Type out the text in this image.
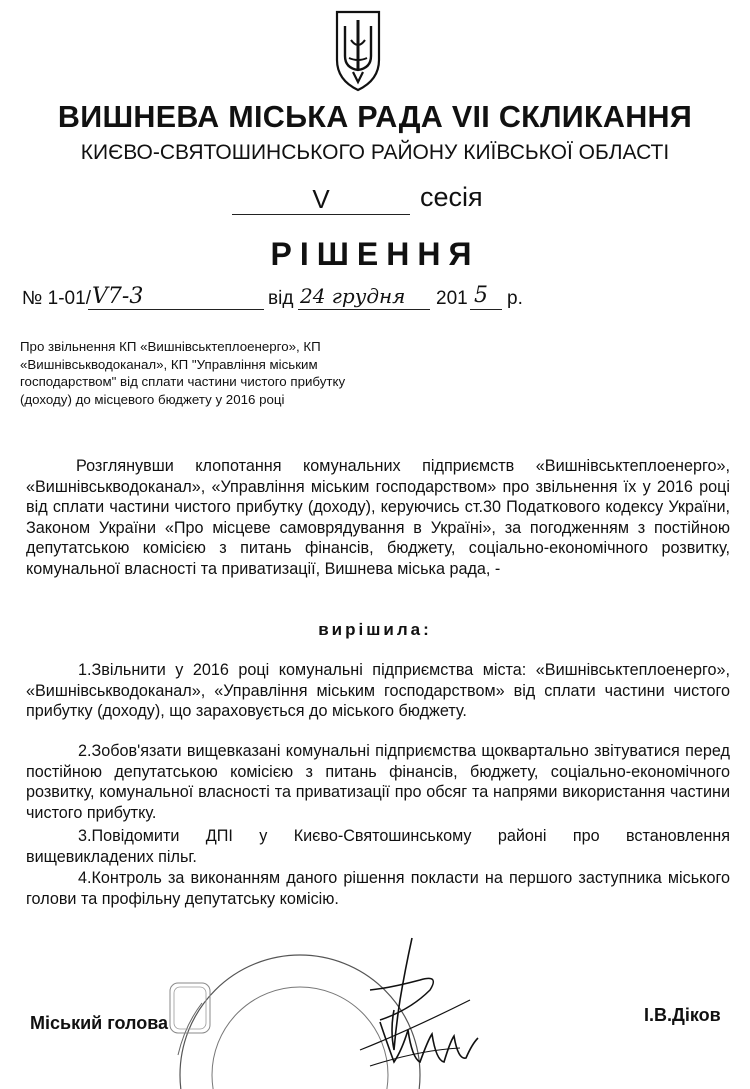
ВИШНЕВА МІСЬКА РАДА VII СКЛИКАННЯ
КИЄВО-СВЯТОШИНСЬКОГО РАЙОНУ КИЇВСЬКОЇ ОБЛАСТІ
V	сесія
РІШЕННЯ
№ 1-01/ V7-3	від 24 грудня 201 5 р.
Про звільнення КП «Вишнівськтеплоенерго», КП
«Вишнівськводоканал», КП "Управління міським
господарством" від сплати частини чистого прибутку
(доходу) до місцевого бюджету у 2016 році
Розглянувши клопотання комунальних підприємств «Вишнівськтеплоенерго», «Вишнівськводоканал», «Управління міським господарством» про звільнення їх у 2016 році від сплати частини чистого прибутку (доходу), керуючись ст.30 Податкового кодексу України, Законом України «Про місцеве самоврядування в Україні», за погодженням з постійною депутатською комісією з питань фінансів, бюджету, соціально-економічного розвитку, комунальної власності та приватизації, Вишнева міська рада, -
вирішила:
1.Звільнити у 2016 році комунальні підприємства міста: «Вишнівськтеплоенерго», «Вишнівськводоканал», «Управління міським господарством» від сплати частини чистого прибутку (доходу), що зараховується до міського бюджету.
2.Зобов'язати вищевказані комунальні підприємства щоквартально звітуватися перед постійною депутатською комісією з питань фінансів, бюджету, соціально-економічного розвитку, комунальної власності та приватизації про обсяг та напрями використання частини чистого прибутку.
3.Повідомити ДПІ у Києво-Святошинському районі про встановлення вищевикладених пільг.
4.Контроль за виконанням даного рішення покласти на першого заступника міського голови та профільну депутатську комісію.
Міський голова	І.В.Діков
